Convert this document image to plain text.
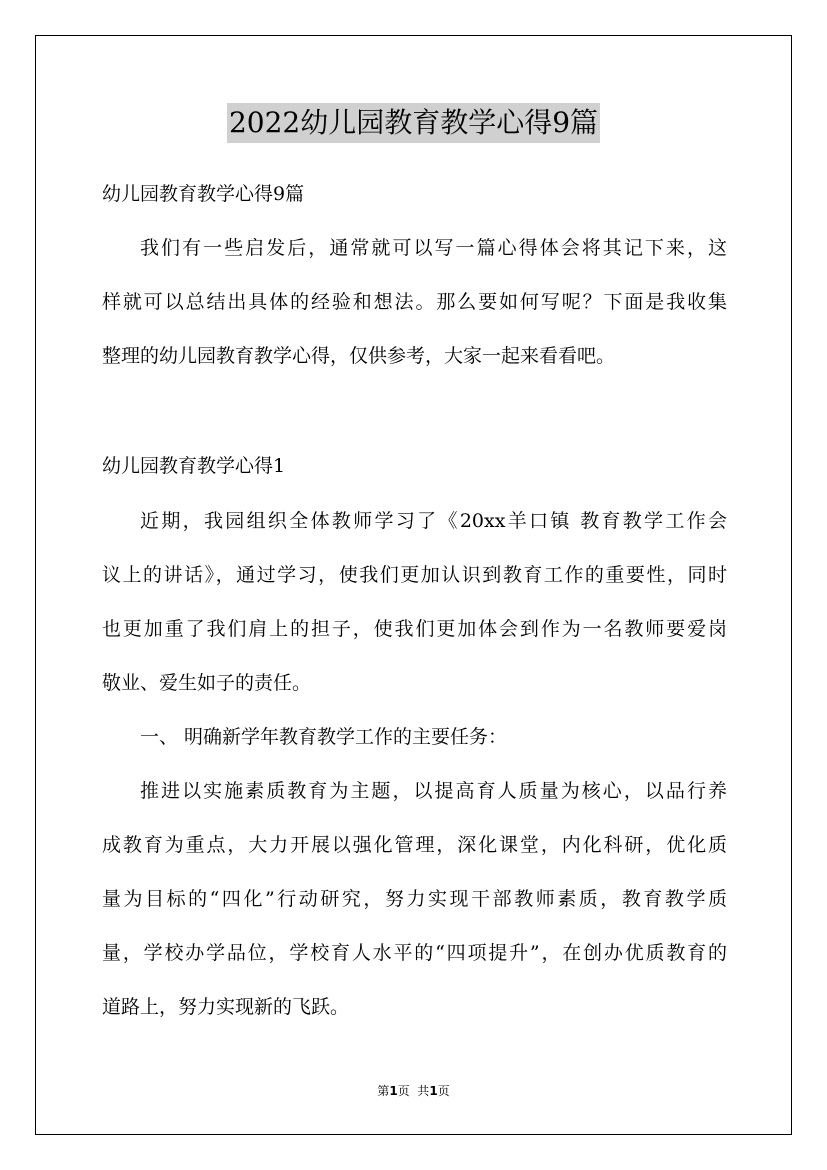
2022幼儿园教育教学心得9篇
幼儿园教育教学心得9篇
我们有一些启发后，通常就可以写一篇心得体会将其记下来，这
样就可以总结出具体的经验和想法。那么要如何写呢？下面是我收集
整理的幼儿园教育教学心得，仅供参考，大家一起来看看吧。
幼儿园教育教学心得1
近期，我园组织全体教师学习了《20xx羊口镇 教育教学工作会
议上的讲话》，通过学习，使我们更加认识到教育工作的重要性，同时
也更加重了我们肩上的担子，使我们更加体会到作为一名教师要爱岗
敬业、爱生如子的责任。
一、 明确新学年教育教学工作的主要任务：
推进以实施素质教育为主题，以提高育人质量为核心，以品行养
成教育为重点，大力开展以强化管理，深化课堂，内化科研，优化质
量为目标的“四化”行动研究，努力实现干部教师素质，教育教学质
量，学校办学品位，学校育人水平的“四项提升”，在创办优质教育的
道路上，努力实现新的飞跃。
第1页  共1页
